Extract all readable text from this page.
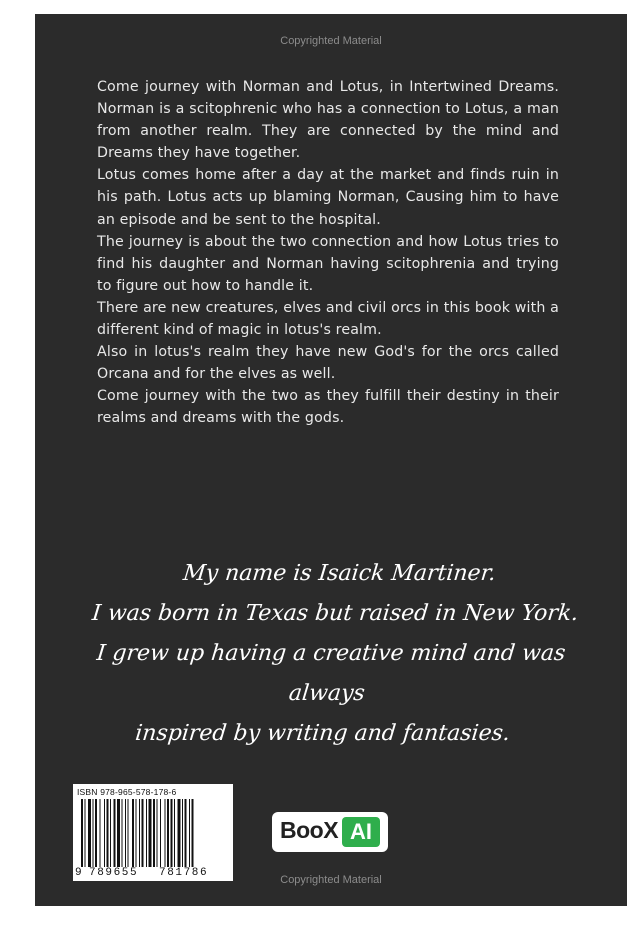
Copyrighted Material

Come journey with Norman and Lotus, in Intertwined Dreams. Norman is a scitophrenic who has a connection to Lotus, a man from another realm. They are connected by the mind and Dreams they have together.

Lotus comes home after a day at the market and finds ruin in his path. Lotus acts up blaming Norman, Causing him to have an episode and be sent to the hospital.

The journey is about the two connection and how Lotus tries to find his daughter and Norman having scitophrenia and trying to figure out how to handle it.

There are new creatures, elves and civil orcs in this book with a different kind of magic in lotus's realm.

Also in lotus's realm they have new God's for the orcs called Orcana and for the elves as well.

Come journey with the two as they fulfill their destiny in their realms and dreams with the gods.

My name is Isaick Martiner.
I was born in Texas but raised in New York.
I grew up having a creative mind and was always
inspired by writing and fantasies.
ISBN 978-965-578-178-6
9 789655 781786
BooX AI
Copyrighted Material
